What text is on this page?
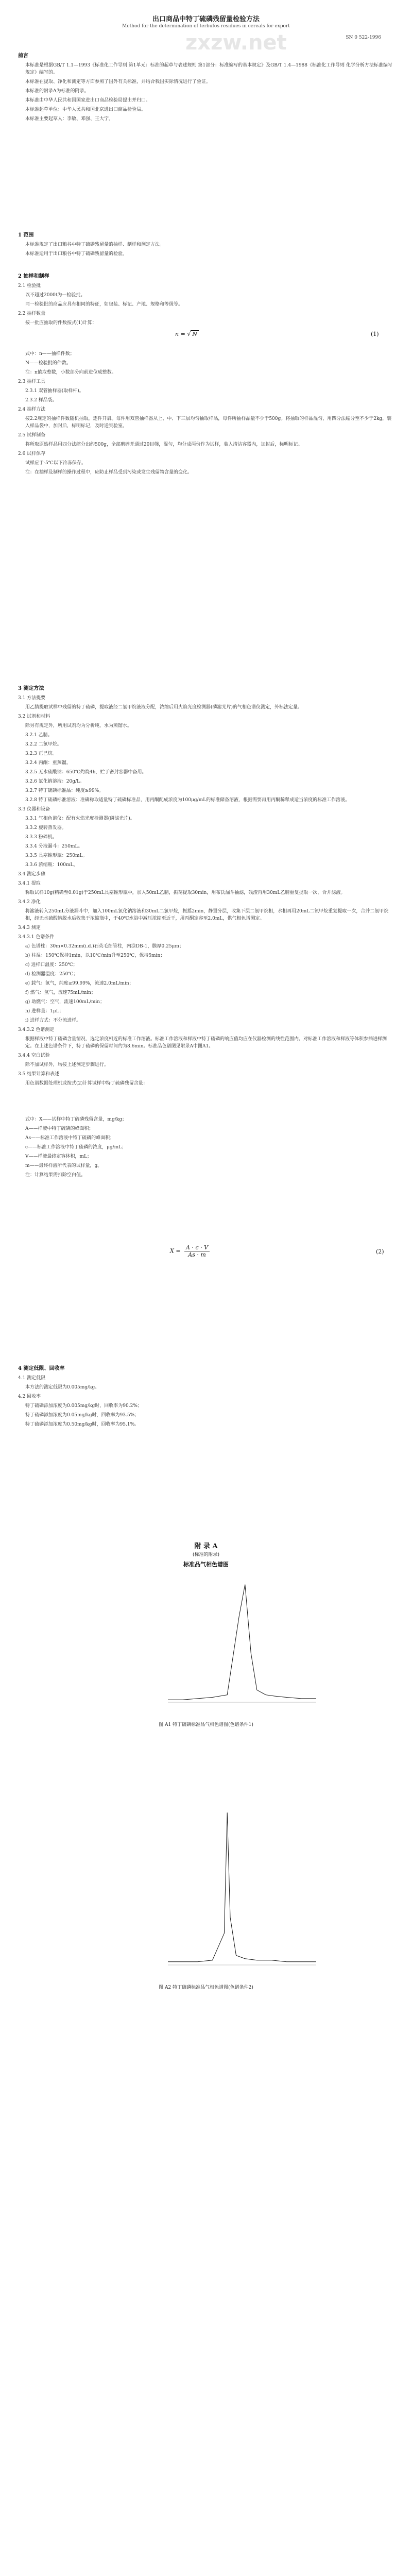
zxzw.net
出口商品中特丁硫磷残留量检验方法
Method for the determination of terbufos residues in cereals for export
SN 0 522-1996
前言

本标准是根据GB/T 1.1—1993《标准化工作导则 第1单元：标准的起草与表述规则 第1部分：标准编写的基本规定》及GB/T 1.4—1988《标准化工作导则 化学分析方法标准编写规定》编写的。

本标准在提取、净化和测定等方面参照了国外有关标准，并结合我国实际情况进行了验证。

本标准的附录A为标准的附录。

本标准由中华人民共和国国家进出口商品检验局提出并归口。

本标准起草单位：中华人民共和国北京进出口商品检验局。

本标准主要起草人：李敏、邓强、王大宁。

1 范围

本标准规定了出口粮谷中特丁硫磷残留量的抽样、制样和测定方法。

本标准适用于出口粮谷中特丁硫磷残留量的检验。

2 抽样和制样

2.1 检验批

以不超过2000t为一检验批。

同一检验批的商品应具有相同的特征，如包装、标记、产地、规格和等级等。

2.2 抽样数量

按一批应抽取的件数按式(1)计算：

式中：n——抽样件数；

N——检验批的件数。

注：n值取整数，小数部分向前进位成整数。

2.3 抽样工具

2.3.1 双管抽样器(取样杆)。

2.3.2 样品袋。

2.4 抽样方法

按2.2规定的抽样件数随机抽取，逐件开启。每件用双管抽样器从上、中、下三层均匀抽取样品，每件所抽样品量不少于500g。将抽取的样品混匀，用四分法缩分至不少于2kg，装入样品袋中，加封后，标明标记，及时送实验室。

2.5 试样制备

将所取原始样品用四分法缩分出约500g，全部磨碎并通过20目筛，混匀，均分成两份作为试样，装入清洁容器内，加封后，标明标记。

2.6 试样保存

试样应于-5℃以下冷冻保存。

注：在抽样及制样的操作过程中，应防止样品受到污染或发生残留物含量的变化。

n = √ N	(1)
3 测定方法

3.1 方法提要

用乙腈提取试样中残留的特丁硫磷，提取液经二氯甲烷液液分配，浓缩后用火焰光度检测器(磷滤光片)的气相色谱仪测定，外标法定量。

3.2 试剂和材料

除另有规定外，所用试剂均为分析纯，水为蒸馏水。

3.2.1 乙腈。

3.2.2 二氯甲烷。

3.2.3 正己烷。

3.2.4 丙酮：重蒸馏。

3.2.5 无水硫酸钠：650℃灼烧4h，贮于密封容器中备用。

3.2.6 氯化钠溶液：20g/L。

3.2.7 特丁硫磷标准品：纯度≥99%。

3.2.8 特丁硫磷标准溶液：准确称取适量特丁硫磷标准品，用丙酮配成浓度为100μg/mL的标准储备溶液，根据需要再用丙酮稀释成适当浓度的标准工作溶液。

3.3 仪器和设备

3.3.1 气相色谱仪：配有火焰光度检测器(磷滤光片)。

3.3.2 旋转蒸发器。

3.3.3 粉碎机。

3.3.4 分液漏斗：250mL。

3.3.5 具塞锥形瓶：250mL。

3.3.6 浓缩瓶：100mL。

3.4 测定步骤

3.4.1 提取

称取试样10g(精确至0.01g)于250mL具塞锥形瓶中，加入50mL乙腈，振荡提取30min，用布氏漏斗抽滤，残渣再用30mL乙腈重复提取一次，合并滤液。

3.4.2 净化

将滤液转入250mL分液漏斗中，加入100mL氯化钠溶液和30mL二氯甲烷，振摇2min，静置分层，收集下层二氯甲烷相，水相再用20mL二氯甲烷重复提取一次，合并二氯甲烷相，经无水硫酸钠脱水后收集于浓缩瓶中，于40℃水浴中减压浓缩至近干，用丙酮定容至2.0mL，供气相色谱测定。

3.4.3 测定

3.4.3.1 色谱条件

a) 色谱柱：30m×0.32mm(i.d.)石英毛细管柱，内涂DB-1，膜厚0.25μm；

b) 柱温：150℃保持1min，以10℃/min升至250℃，保持5min；

c) 进样口温度：250℃；

d) 检测器温度：250℃；

e) 载气：氮气，纯度≥99.99%，流速2.0mL/min；

f) 燃气：氢气，流速75mL/min；

g) 助燃气：空气，流速100mL/min；

h) 进样量：1μL；

i) 进样方式：不分流进样。

3.4.3.2 色谱测定

根据样液中特丁硫磷含量情况，选定浓度相近的标准工作溶液。标准工作溶液和样液中特丁硫磷的响应值均应在仪器检测的线性范围内。对标准工作溶液和样液等体积参插进样测定。在上述色谱条件下，特丁硫磷的保留时间约为8.6min。标准品色谱图见附录A中图A1。

3.4.4 空白试验

除不加试样外，均按上述测定步骤进行。

3.5 结果计算和表述

用色谱数据处理机或按式(2)计算试样中特丁硫磷残留含量：

式中：X——试样中特丁硫磷残留含量，mg/kg；

A——样液中特丁硫磷的峰面积；

As——标准工作溶液中特丁硫磷的峰面积；

c——标准工作溶液中特丁硫磷的浓度，μg/mL；

V——样液最终定容体积，mL；

m——最终样液所代表的试样量，g。

注：计算结果需扣除空白值。

$X = \frac{A \cdot c \cdot V}{As \cdot m}$	(2)
4 测定低限、回收率

4.1 测定低限

本方法的测定低限为0.005mg/kg。

4.2 回收率

特丁硫磷添加浓度为0.005mg/kg时，回收率为90.2%；

特丁硫磷添加浓度为0.05mg/kg时，回收率为93.5%；

特丁硫磷添加浓度为0.50mg/kg时，回收率为95.1%。

附 录 A
(标准的附录)
标准品气相色谱图
图 A1 特丁硫磷标准品气相色谱图(色谱条件1)
图 A2 特丁硫磷标准品气相色谱图(色谱条件2)
